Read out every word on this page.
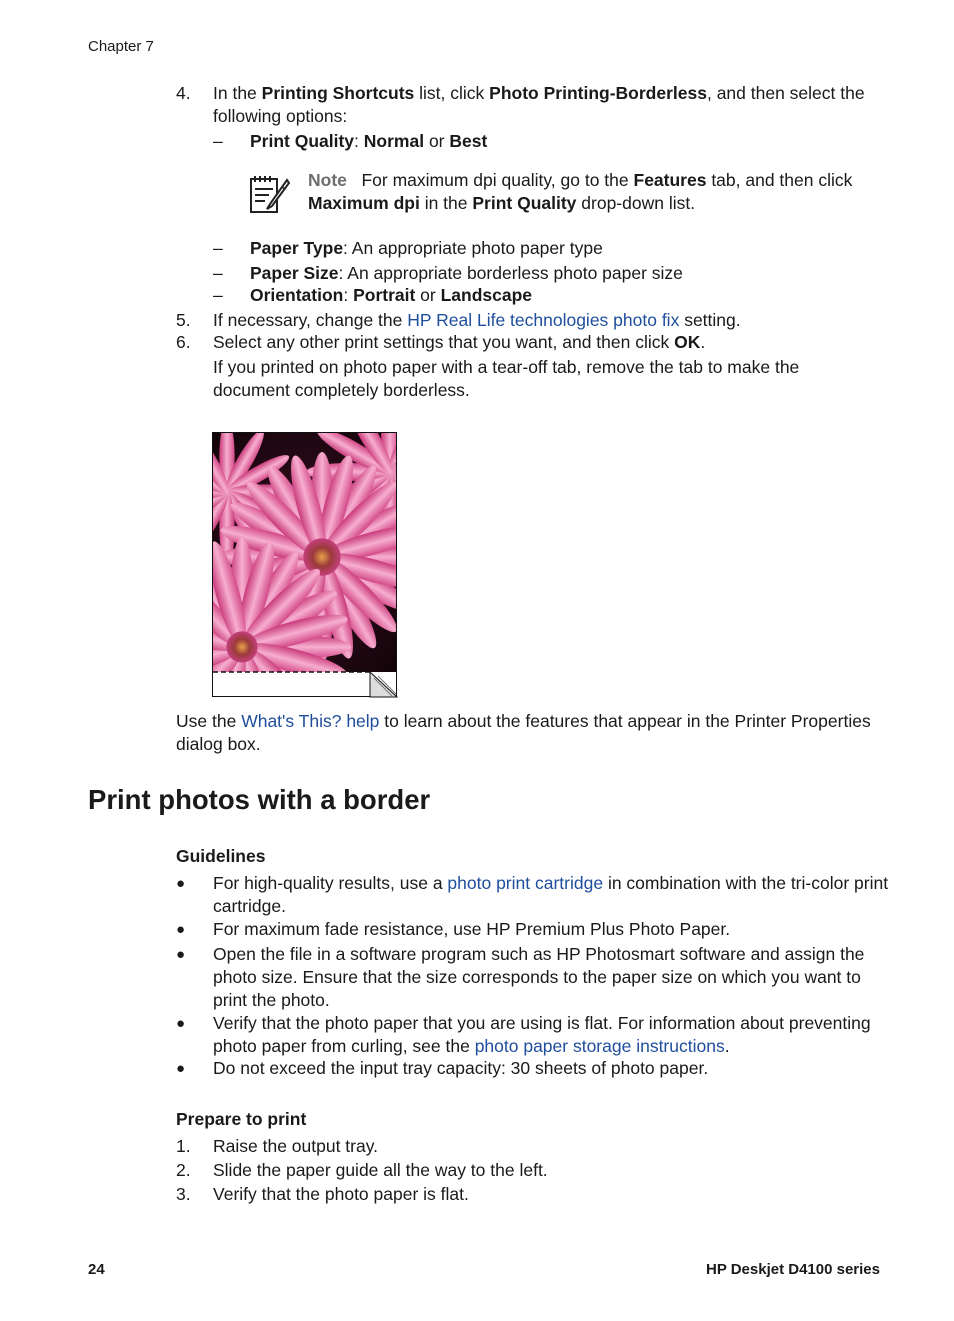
Chapter 7
4. In the Printing Shortcuts list, click Photo Printing-Borderless, and then select the following options:
– Print Quality: Normal or Best
Note For maximum dpi quality, go to the Features tab, and then click Maximum dpi in the Print Quality drop-down list.
– Paper Type: An appropriate photo paper type
– Paper Size: An appropriate borderless photo paper size
– Orientation: Portrait or Landscape
5. If necessary, change the HP Real Life technologies photo fix setting.
6. Select any other print settings that you want, and then click OK.
If you printed on photo paper with a tear-off tab, remove the tab to make the document completely borderless.
Use the What's This? help to learn about the features that appear in the Printer Properties dialog box.
Print photos with a border
Guidelines
● For high-quality results, use a photo print cartridge in combination with the tri-color print cartridge.
● For maximum fade resistance, use HP Premium Plus Photo Paper.
● Open the file in a software program such as HP Photosmart software and assign the photo size. Ensure that the size corresponds to the paper size on which you want to print the photo.
● Verify that the photo paper that you are using is flat. For information about preventing photo paper from curling, see the photo paper storage instructions.
● Do not exceed the input tray capacity: 30 sheets of photo paper.
Prepare to print
1. Raise the output tray.
2. Slide the paper guide all the way to the left.
3. Verify that the photo paper is flat.
24	HP Deskjet D4100 series
